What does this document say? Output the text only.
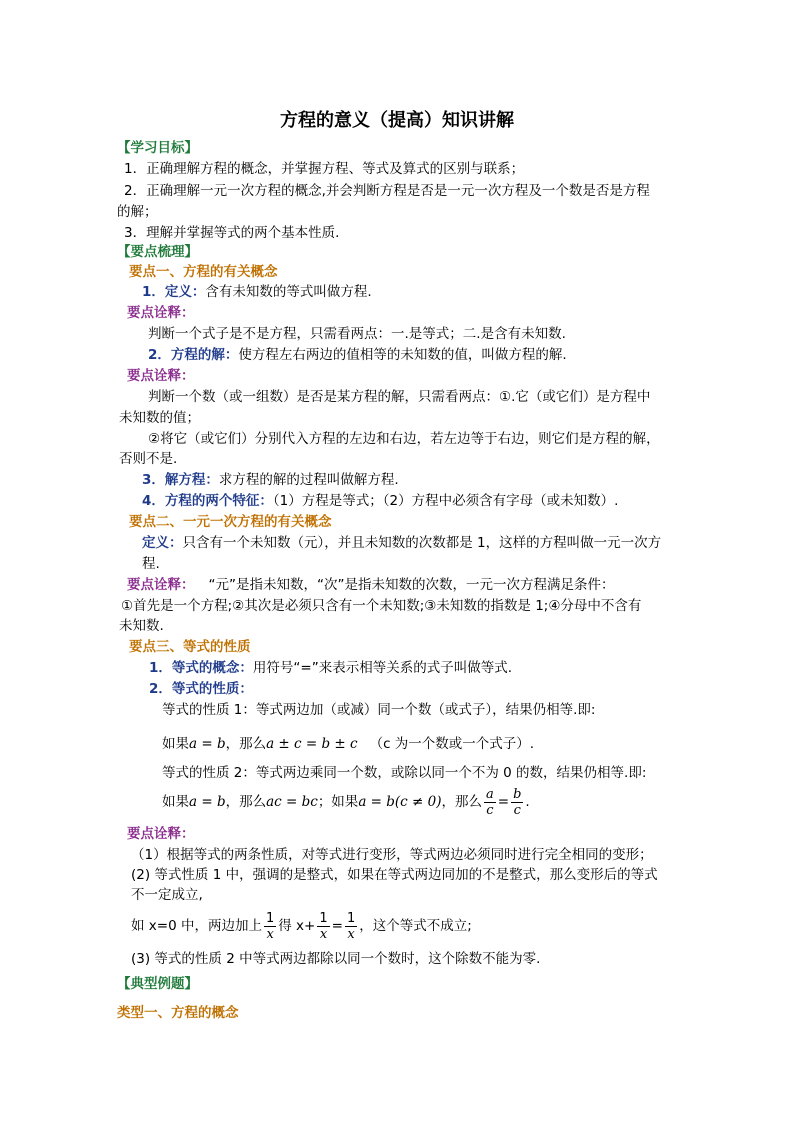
方程的意义（提高）知识讲解
【学习目标】
1．正确理解方程的概念，并掌握方程、等式及算式的区别与联系；
2．正确理解一元一次方程的概念,并会判断方程是否是一元一次方程及一个数是否是方程
的解；
3．理解并掌握等式的两个基本性质.
【要点梳理】
要点一、方程的有关概念
1．定义：含有未知数的等式叫做方程.
要点诠释：
判断一个式子是不是方程，只需看两点：一.是等式；二.是含有未知数.
2．方程的解：使方程左右两边的值相等的未知数的值，叫做方程的解.
要点诠释：
判断一个数（或一组数）是否是某方程的解，只需看两点：①.它（或它们）是方程中
未知数的值；
②将它（或它们）分别代入方程的左边和右边，若左边等于右边，则它们是方程的解，
否则不是.
3．解方程：求方程的解的过程叫做解方程.
4．方程的两个特征：（1）方程是等式；（2）方程中必须含有字母（或未知数）.
要点二、一元一次方程的有关概念
定义：只含有一个未知数（元），并且未知数的次数都是 1，这样的方程叫做一元一次方
程.
要点诠释： “元”是指未知数，“次”是指未知数的次数，一元一次方程满足条件：
①首先是一个方程;②其次是必须只含有一个未知数;③未知数的指数是 1;④分母中不含有
未知数.
要点三、等式的性质
1．等式的概念：用符号“=”来表示相等关系的式子叫做等式.
2．等式的性质：
等式的性质 1：等式两边加（或减）同一个数（或式子），结果仍相等.即:
如果a = b，那么a ± c = b ± c （c 为一个数或一个式子）.
等式的性质 2：等式两边乘同一个数，或除以同一个不为 0 的数，结果仍相等.即:
如果a = b，那么ac = bc；如果a = b(c ≠ 0)，那么 $\frac{a}{c} = \frac{b}{c}$ .
要点诠释：
（1）根据等式的两条性质，对等式进行变形，等式两边必须同时进行完全相同的变形；
(2) 等式性质 1 中，强调的是整式，如果在等式两边同加的不是整式，那么变形后的等式
不一定成立,
如 x=0 中，两边加上 $\frac{1}{x}$ 得 $x+ \frac{1}{x} = \frac{1}{x}$ ，这个等式不成立;
(3) 等式的性质 2 中等式两边都除以同一个数时，这个除数不能为零.
【典型例题】
类型一、方程的概念
